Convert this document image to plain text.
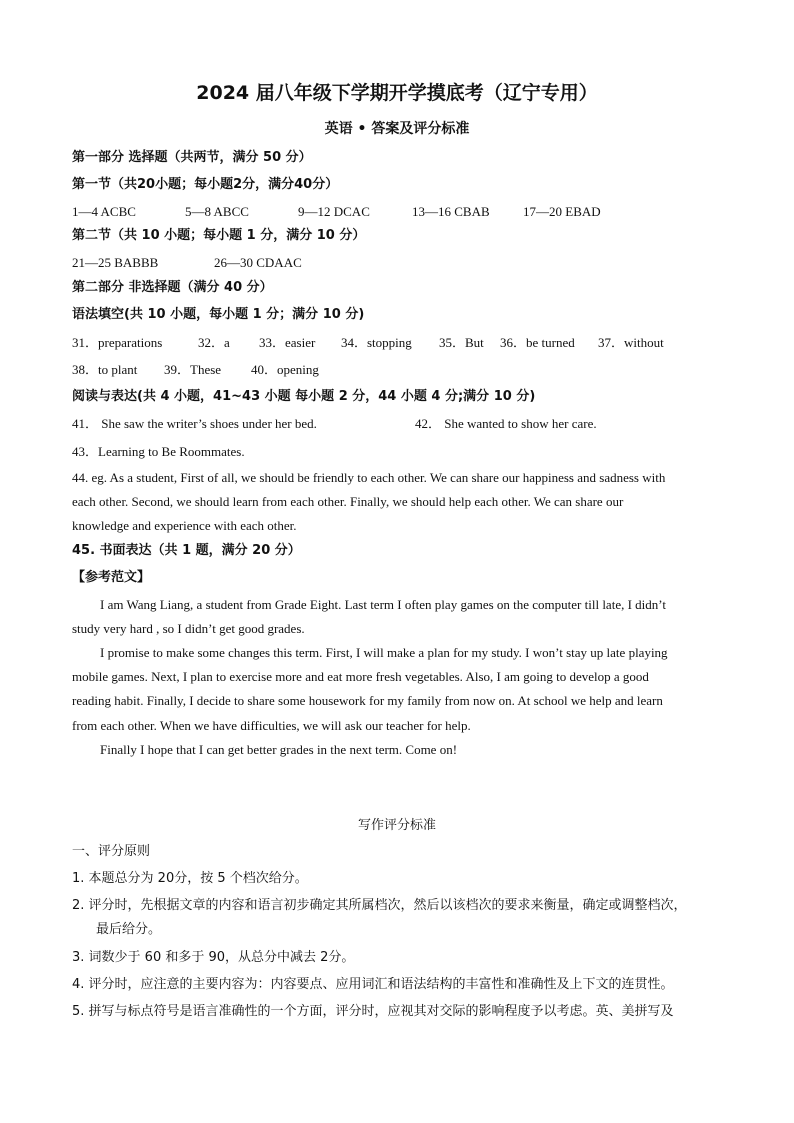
2024 届八年级下学期开学摸底考（辽宁专用）
英语 • 答案及评分标准
第一部分 选择题（共两节，满分 50 分）
第一节（共20小题；每小题2分，满分40分）
1—4 ACBC	5—8 ABCC	9—12 DCAC	13—16 CBAB	17—20 EBAD
第二节（共 10 小题；每小题 1 分，满分 10 分）
21—25 BABBB	26—30 CDAAC
第二部分 非选择题（满分 40 分）
语法填空(共 10 小题，每小题 1 分；满分 10 分)
31．preparations	32．a 33．easier 34．stopping 35．But 36．be turned 37．without
38．to plant 39．These 40．opening
阅读与表达(共 4 小题，41~43 小题 每小题 2 分，44 小题 4 分;满分 10 分)
41． She saw the writer’s shoes under her bed.	42． She wanted to show her care.
43．Learning to Be Roommates.
44. eg. As a student, First of all, we should be friendly to each other. We can share our happiness and sadness with
each other. Second, we should learn from each other. Finally, we should help each other. We can share our
knowledge and experience with each other.
45. 书面表达（共 1 题，满分 20 分）
【参考范文】
I am Wang Liang, a student from Grade Eight. Last term I often play games on the computer till late, I didn’t
study very hard , so I didn’t get good grades.
I promise to make some changes this term. First, I will make a plan for my study. I won’t stay up late playing
mobile games. Next, I plan to exercise more and eat more fresh vegetables. Also, I am going to develop a good
reading habit. Finally, I decide to share some housework for my family from now on. At school we help and learn
from each other. When we have difficulties, we will ask our teacher for help.
Finally I hope that I can get better grades in the next term. Come on!
写作评分标准
一、评分原则
1. 本题总分为 20分，按 5 个档次给分。
2. 评分时，先根据文章的内容和语言初步确定其所属档次，然后以该档次的要求来衡量，确定或调整档次，
最后给分。
3. 词数少于 60 和多于 90，从总分中减去 2分。
4. 评分时，应注意的主要内容为：内容要点、应用词汇和语法结构的丰富性和准确性及上下文的连贯性。
5. 拼写与标点符号是语言准确性的一个方面，评分时，应视其对交际的影响程度予以考虑。英、美拼写及
